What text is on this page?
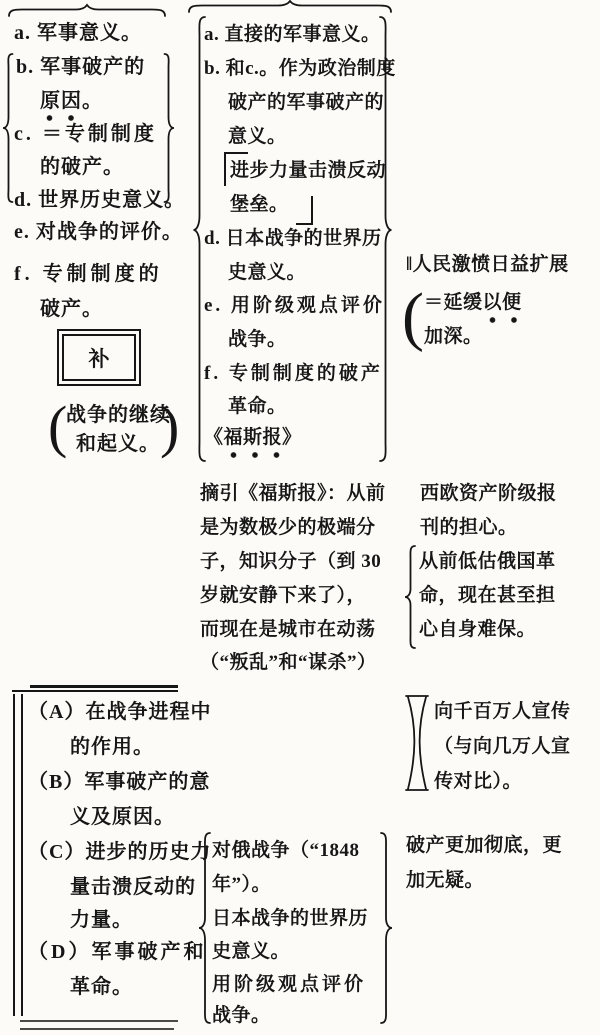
a. 军事意义。
b. 军事破产的
原因。
c. ＝专制制度
的破产。
d. 世界历史意义。
e. 对战争的评价。
f. 专制制度的
破产。
补
( )
战争的继续
和起义。
a. 直接的军事意义。
b. 和c.。作为政治制度
破产的军事破产的
意义。
进步力量击溃反动
堡垒。
d. 日本战争的世界历
史意义。
e. 用阶级观点评价
战争。
f. 专制制度的破产
革命。
《福斯报》
‖人民激愤日益扩展
( ＝延缓以便
加深。
摘引《福斯报》：从前
是为数极少的极端分
子，知识分子（到 30
岁就安静下来了），
而现在是城市在动荡
（“叛乱”和“谋杀”）
西欧资产阶级报
刊的担心。
从前低估俄国革
命，现在甚至担
心自身难保。
（A）在战争进程中
的作用。
（B）军事破产的意
义及原因。
（C）进步的历史力
量击溃反动的
力量。
（D）军事破产和
革命。
对俄战争（“1848
年”）。
日本战争的世界历
史意义。
用阶级观点评价
战争。
向千百万人宣传
（与向几万人宣
传对比）。
破产更加彻底，更
加无疑。
